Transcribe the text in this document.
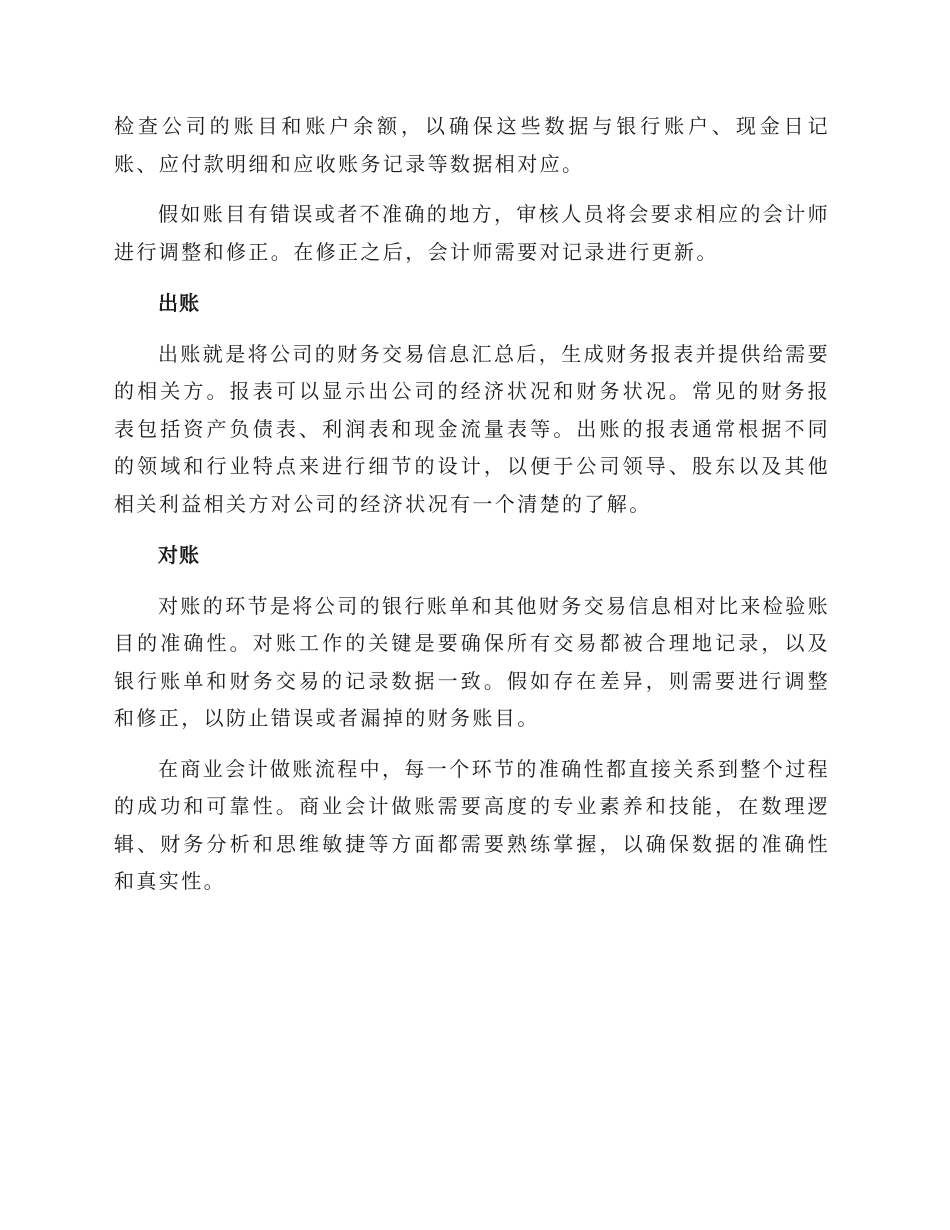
检查公司的账目和账户余额，以确保这些数据与银行账户、现金日记账、应付款明细和应收账务记录等数据相对应。

假如账目有错误或者不准确的地方，审核人员将会要求相应的会计师进行调整和修正。在修正之后，会计师需要对记录进行更新。

出账

出账就是将公司的财务交易信息汇总后，生成财务报表并提供给需要的相关方。报表可以显示出公司的经济状况和财务状况。常见的财务报表包括资产负债表、利润表和现金流量表等。出账的报表通常根据不同的领域和行业特点来进行细节的设计，以便于公司领导、股东以及其他相关利益相关方对公司的经济状况有一个清楚的了解。

对账

对账的环节是将公司的银行账单和其他财务交易信息相对比来检验账目的准确性。对账工作的关键是要确保所有交易都被合理地记录，以及银行账单和财务交易的记录数据一致。假如存在差异，则需要进行调整和修正，以防止错误或者漏掉的财务账目。

在商业会计做账流程中，每一个环节的准确性都直接关系到整个过程的成功和可靠性。商业会计做账需要高度的专业素养和技能，在数理逻辑、财务分析和思维敏捷等方面都需要熟练掌握，以确保数据的准确性和真实性。
